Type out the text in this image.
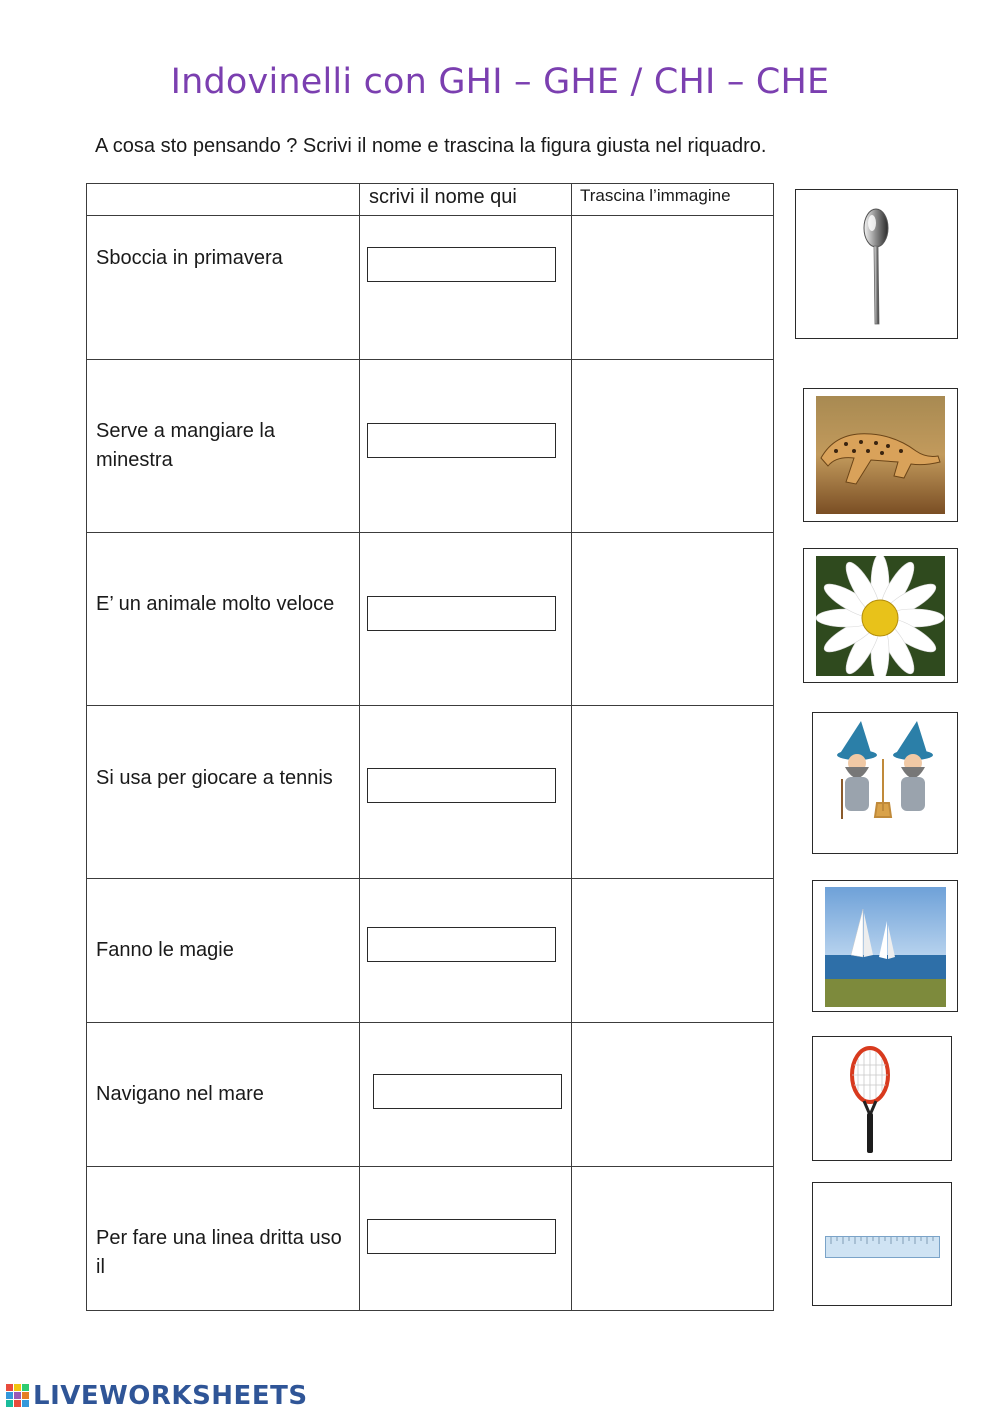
Indovinelli con GHI – GHE / CHI – CHE
A cosa sto pensando ? Scrivi il nome e trascina la figura giusta nel riquadro.
	scrivi il nome qui	Trascina l’immagine

Sboccia in primavera

Serve a mangiare la minestra

E’ un animale molto veloce

Si usa per giocare a tennis

Fanno le magie

Navigano nel mare

Per fare una linea dritta uso il

LIVEWORKSHEETS
